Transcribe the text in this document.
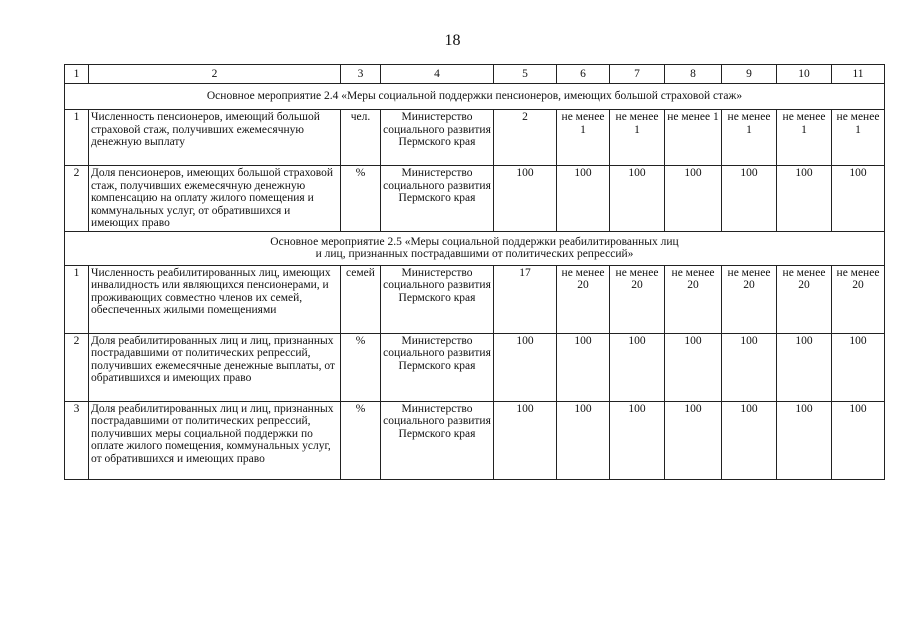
18
1	2	3	4	5	6	7	8	9	10	11
Основное мероприятие 2.4 «Меры социальной поддержки пенсионеров, имеющих большой страховой стаж»										
1	Численность пенсионеров, имеющий большой страховой стаж, получивших ежемесячную денежную выплату	чел.	Министерство социального развития Пермского края	2	не менее 1	не менее 1	не менее 1	не менее 1	не менее 1	не менее 1
2	Доля пенсионеров, имеющих большой страховой стаж, получивших ежемесячную денежную компенсацию на оплату жилого помещения и коммунальных услуг, от обратившихся и имеющих право	%	Министерство социального развития Пермского края	100	100	100	100	100	100	100

Основное мероприятие 2.5 «Меры социальной поддержки реабилитированных лиц
и лиц, признанных пострадавшими от политических репрессий»										

1	Численность реабилитированных лиц, имеющих инвалидность или являющихся пенсионерами, и проживающих совместно членов их семей, обеспеченных жилыми помещениями	семей	Министерство социального развития Пермского края	17	не менее 20	не менее 20	не менее 20	не менее 20	не менее 20	не менее 20
2	Доля реабилитированных лиц и лиц, признанных пострадавшими от политических репрессий, получивших ежемесячные денежные выплаты, от обратившихся и имеющих право	%	Министерство социального развития Пермского края	100	100	100	100	100	100	100
3	Доля реабилитированных лиц и лиц, признанных пострадавшими от политических репрессий, получивших меры социальной поддержки по оплате жилого помещения, коммунальных услуг, от обратившихся и имеющих право	%	Министерство социального развития Пермского края	100	100	100	100	100	100	100
